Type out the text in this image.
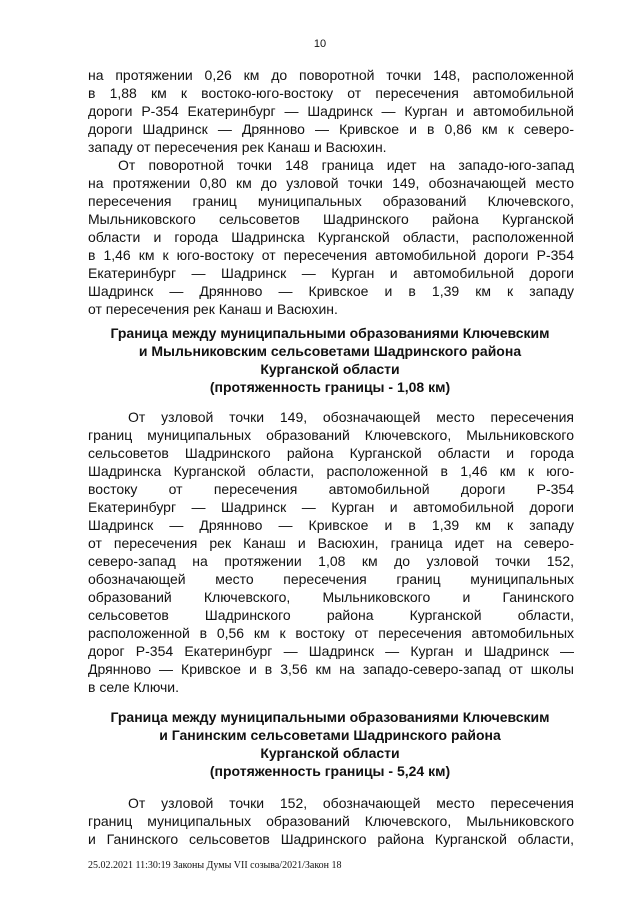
10
на протяжении 0,26 км до поворотной точки 148, расположенной
в 1,88 км к востоко-юго-востоку от пересечения автомобильной
дороги Р-354 Екатеринбург — Шадринск — Курган и автомобильной
дороги Шадринск — Дрянново — Кривское и в 0,86 км к северо-
западу от пересечения рек Канаш и Васюхин.
От поворотной точки 148 граница идет на западо-юго-запад
на протяжении 0,80 км до узловой точки 149, обозначающей место
пересечения границ муниципальных образований Ключевского,
Мыльниковского сельсоветов Шадринского района Курганской
области и города Шадринска Курганской области, расположенной
в 1,46 км к юго-востоку от пересечения автомобильной дороги Р-354
Екатеринбург — Шадринск — Курган и автомобильной дороги
Шадринск — Дрянново — Кривское и в 1,39 км к западу
от пересечения рек Канаш и Васюхин.
Граница между муниципальными образованиями Ключевским
и Мыльниковским сельсоветами Шадринского района
Курганской области
(протяженность границы - 1,08 км)
От узловой точки 149, обозначающей место пересечения
границ муниципальных образований Ключевского, Мыльниковского
сельсоветов Шадринского района Курганской области и города
Шадринска Курганской области, расположенной в 1,46 км к юго-
востоку от пересечения автомобильной дороги Р-354
Екатеринбург — Шадринск — Курган и автомобильной дороги
Шадринск — Дрянново — Кривское и в 1,39 км к западу
от пересечения рек Канаш и Васюхин, граница идет на северо-
северо-запад на протяжении 1,08 км до узловой точки 152,
обозначающей место пересечения границ муниципальных
образований Ключевского, Мыльниковского и Ганинского
сельсоветов Шадринского района Курганской области,
расположенной в 0,56 км к востоку от пересечения автомобильных
дорог Р-354 Екатеринбург — Шадринск — Курган и Шадринск —
Дрянново — Кривское и в 3,56 км на западо-северо-запад от школы
в селе Ключи.
Граница между муниципальными образованиями Ключевским
и Ганинским сельсоветами Шадринского района
Курганской области
(протяженность границы - 5,24 км)
От узловой точки 152, обозначающей место пересечения
границ муниципальных образований Ключевского, Мыльниковского
и Ганинского сельсоветов Шадринского района Курганской области,
25.02.2021 11:30:19 Законы Думы VII созыва/2021/Закон 18
